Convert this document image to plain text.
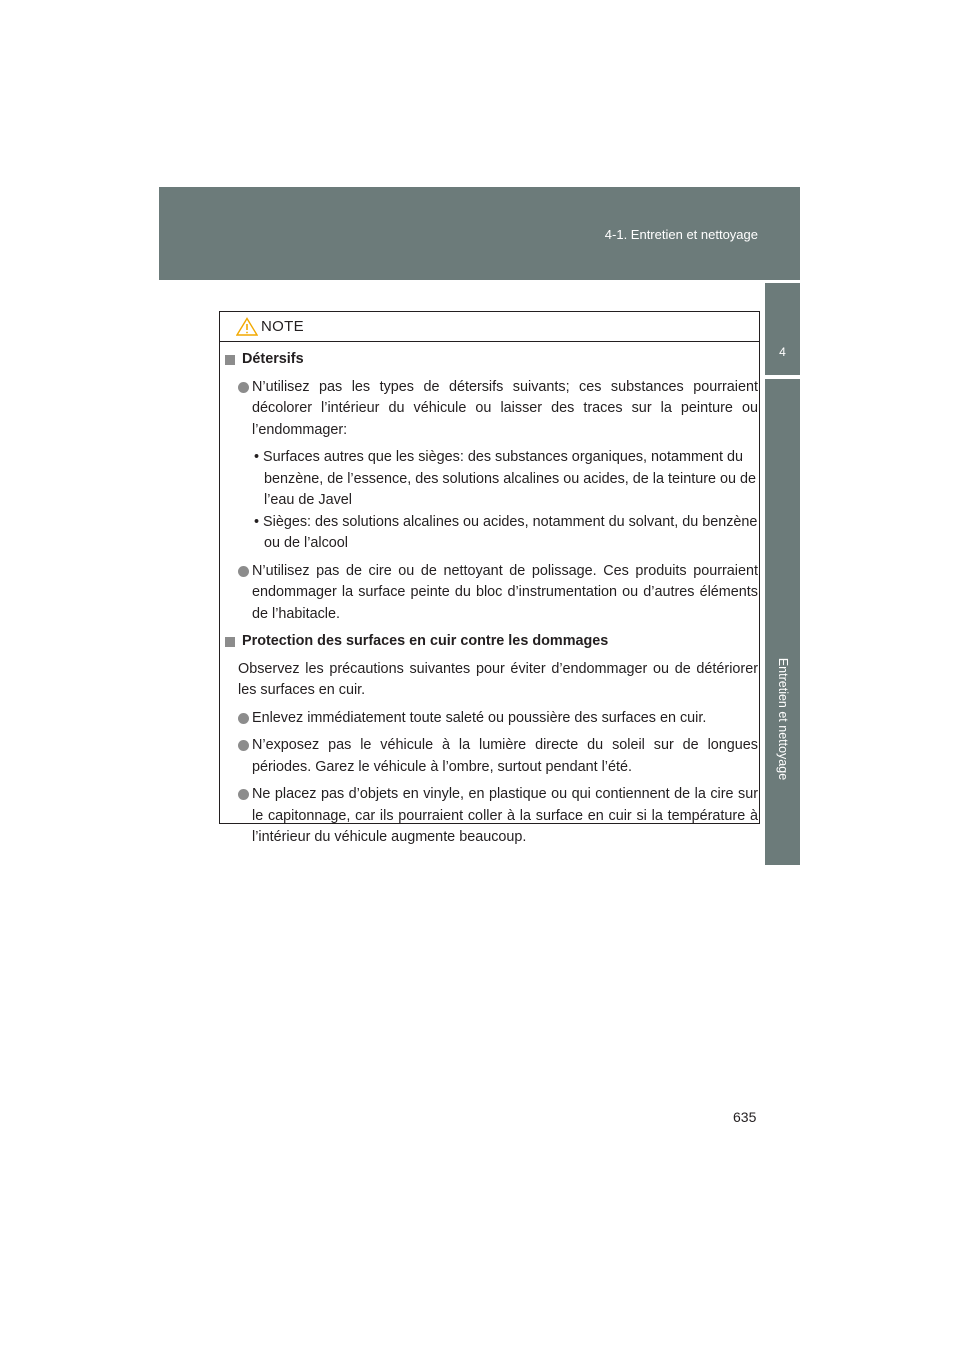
4-1. Entretien et nettoyage
4
Entretien et nettoyage
NOTE
Détersifs
N’utilisez pas les types de détersifs suivants; ces substances pourraient décolorer l’intérieur du véhicule ou laisser des traces sur la peinture ou l’endommager:
• Surfaces autres que les sièges: des substances organiques, notamment du benzène, de l’essence, des solutions alcalines ou acides, de la teinture ou de l’eau de Javel
• Sièges: des solutions alcalines ou acides, notamment du solvant, du benzène ou de l’alcool
N’utilisez pas de cire ou de nettoyant de polissage. Ces produits pourraient endommager la surface peinte du bloc d’instrumentation ou d’autres éléments de l’habitacle.
Protection des surfaces en cuir contre les dommages
Observez les précautions suivantes pour éviter d’endommager ou de détériorer les surfaces en cuir.
Enlevez immédiatement toute saleté ou poussière des surfaces en cuir.
N’exposez pas le véhicule à la lumière directe du soleil sur de longues périodes. Garez le véhicule à l’ombre, surtout pendant l’été.
Ne placez pas d’objets en vinyle, en plastique ou qui contiennent de la cire sur le capitonnage, car ils pourraient coller à la surface en cuir si la température à l’intérieur du véhicule augmente beaucoup.
635
